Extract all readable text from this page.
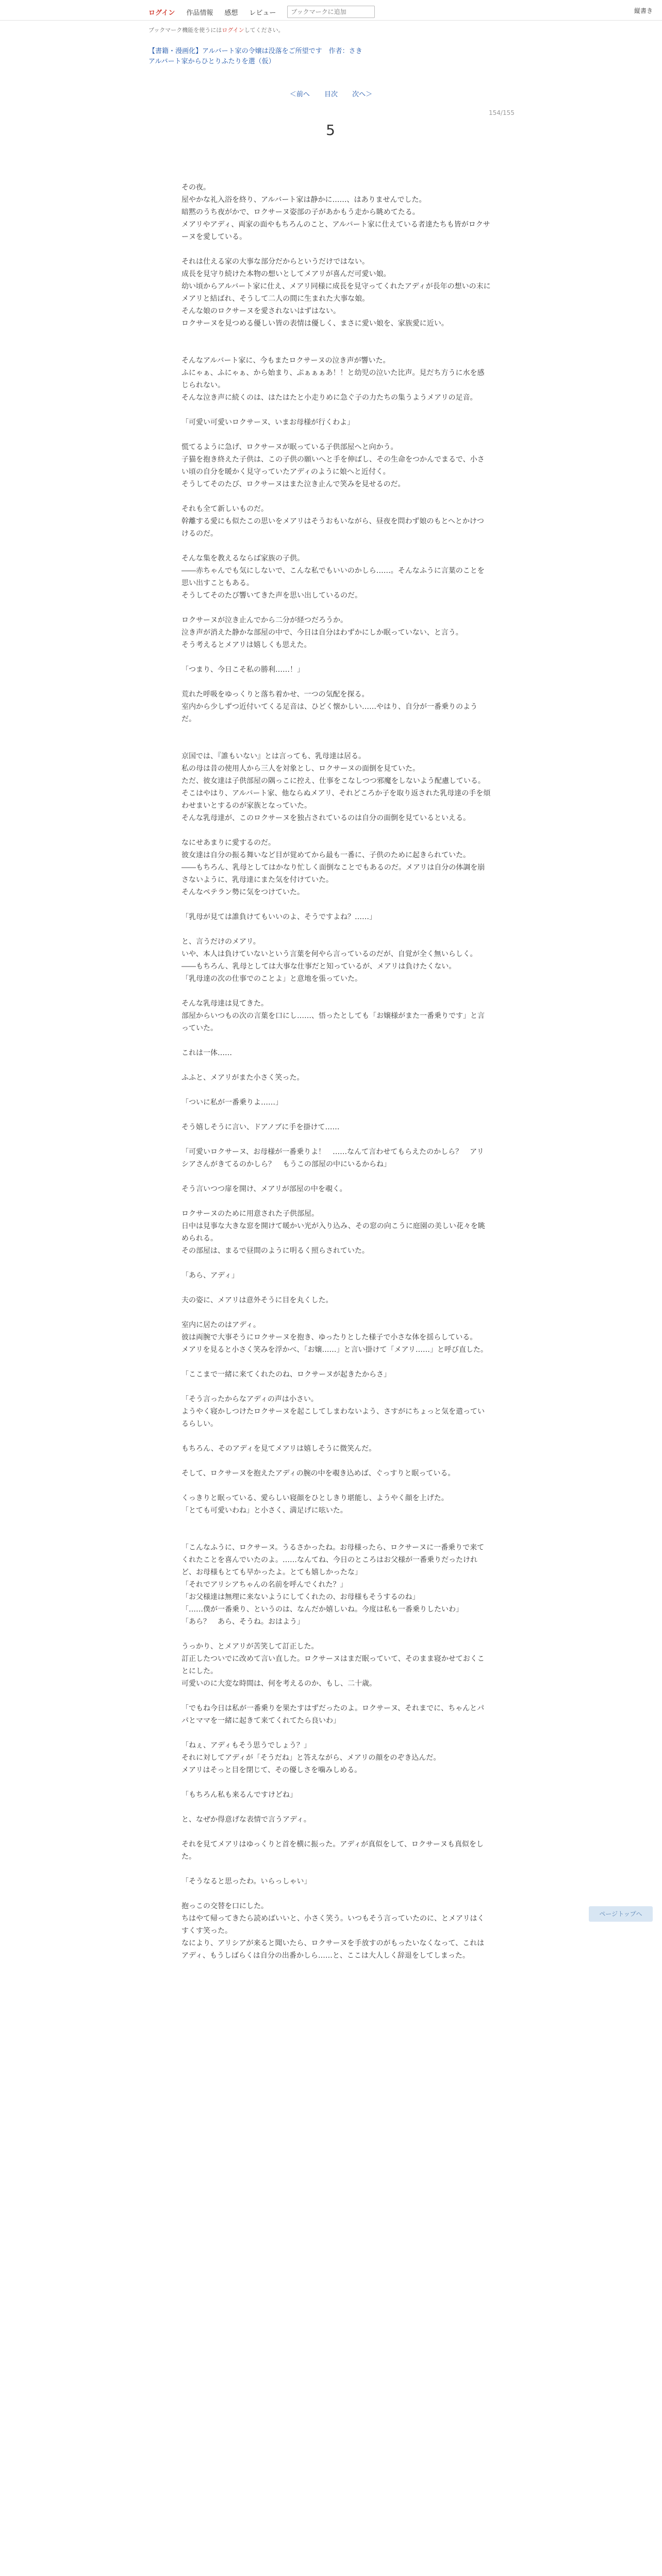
ログイン 作品情報 感想 レビュー
ブックマークに追加	縦書き
ブックマーク機能を使うにはログインしてください。
【書籍・漫画化】アルバート家の令嬢は没落をご所望です　作者：さき
アルバート家からひとりふたりを選（仮）
＜前へ 目次 次へ＞
154/155
5

その夜。

屋やかな礼入浴を終り、アルバート家は静かに……、はありませんでした。

暗黙のうち夜がかで、ロクサーヌ姿部の子があかもう走から眺めてたる。

メアリやアディ、両家の面やもちろんのこと、アルバート家に仕えている者達たちも皆がロクサーヌを愛している。

それは仕える家の大事な部分だからというだけではない。

成長を見守り続けた本物の想いとしてメアリが喜んだ可愛い娘。

幼い頃からアルバート家に仕え、メアリ同様に成長を見守ってくれたアディが長年の想いの末にメアリと結ばれ、そうして二人の間に生まれた大事な娘。

そんな娘のロクサーヌを愛されないはずはない。

ロクサーヌを見つめる優しい皆の表情は優しく、まさに愛い娘を、家族愛に近い。

そんなアルバート家に、今もまたロクサーヌの泣き声が響いた。

ふにゃぁ、ふにゃぁ、から始まり、ぷぁぁぁあ！！と幼児の泣いた比声。見だち方うに水を感じられない。

そんな泣き声に続くのは、はたはたと小走りめに急ぐ子の力たちの集うようメアリの足音。

「可愛い可愛いロクサーヌ、いまお母様が行くわよ」

慌てるように急げ、ロクサーヌが眠っている子供部屋へと向かう。

子猫を抱き終えた子供は、この子供の願いへと手を伸ばし、その生命をつかんでまるで、小さい頃の自分を暖かく見守っていたアディのように娘へと近付く。

そうしてそのたび、ロクサーヌはまた泣き止んで笑みを見せるのだ。

それも全て新しいものだ。

幹離する愛にも似たこの思いをメアリはそうおもいながら、昼夜を問わず娘のもとへとかけつけるのだ。

そんな集を教えるならば家族の子供。

――赤ちゃんでも気にしないで、こんな私でもいいのかしら……。そんなふうに言葉のことを思い出すこともある。

そうしてそのたび響いてきた声を思い出しているのだ。

ロクサーヌが泣き止んでから二分が経つだろうか。

泣き声が消えた静かな部屋の中で、今日は自分はわずかにしか眠っていない、と言う。

そう考えるとメアリは嬉しくも思えた。

「つまり、今日こそ私の勝利……！」

荒れた呼吸をゆっくりと落ち着かせ、一つの気配を探る。

室内から少しずつ近付いてくる足音は、ひどく懐かしい……やはり、自分が一番乗りのようだ。

京国では、『誰もいない』とは言っても、乳母達は居る。

私の母は昔の使用人から三人を対象とし、ロクサーヌの面倒を見ていた。

ただ、彼女達は子供部屋の隅っこに控え、仕事をこなしつつ邪魔をしないよう配慮している。

そこはやはり、アルバート家、他ならぬメアリ、それどころか子を取り返された乳母達の手を煩わせまいとするのが家族となっていた。

そんな乳母達が、このロクサーヌを独占されているのは自分の面倒を見ているといえる。

なにせあまりに愛するのだ。

彼女達は自分の振る舞いなど目が覚めてから最も一番に、子供のために起きられていた。

――もちろん、乳母としてはかなり忙しく面倒なことでもあるのだ。メアリは自分の体調を崩さないように、乳母達にまた気を付けていた。

そんなペテラン勢に気をつけていた。

「乳母が見ては誰負けてもいいのよ、そうですよね？……」

と、言うだけのメアリ。

いや、本人は負けていないという言葉を何やら言っているのだが、自覚が全く無いらしく。

――もちろん、乳母としては大事な仕事だと知っているが、メアリは負けたくない。

「乳母達の次の仕事でのことよ」と意地を張っていた。

そんな乳母達は見てきた。

部屋からいつもの次の言葉を口にし……、悟ったとしても「お嬢様がまた一番乗りです」と言っていた。

これは一体……

ふふと、メアリがまた小さく笑った。

「ついに私が一番乗りよ……」

そう嬉しそうに言い、ドアノブに手を掛けて……

「可愛いロクサーヌ、お母様が一番乗りよ！　……なんて言わせてもらえたのかしら？　アリシアさんがきてるのかしら？　もうこの部屋の中にいるからね」

そう言いつつ扉を開け、メアリが部屋の中を覗く。

ロクサーヌのために用意された子供部屋。

日中は見事な大きな窓を開けて暖かい光が入り込み、その窓の向こうに庭園の美しい花々を眺められる。

その部屋は、まるで昼間のように明るく照らされていた。

「あら、アディ」

夫の姿に、メアリは意外そうに目を丸くした。

室内に居たのはアディ。

彼は両腕で大事そうにロクサーヌを抱き、ゆったりとした様子で小さな体を揺らしている。

メアリを見ると小さく笑みを浮かべ、「お嬢……」と言い掛けて「メアリ……」と呼び直した。

「ここまで一緒に来てくれたのね、ロクサーヌが起きたからさ」

「そう言ったからなアディの声は小さい。

ようやく寝かしつけたロクサーヌを起こしてしまわないよう、さすがにちょっと気を遣っているらしい。

もちろん、そのアディを見てメアリは嬉しそうに微笑んだ。

そして、ロクサーヌを抱えたアディの腕の中を覗き込めば、ぐっすりと眠っている。

くっきりと眠っている、愛らしい寝顔をひとしきり堪能し、ようやく顔を上げた。

「とても可愛いわね」と小さく、満足げに呟いた。

「こんなふうに、ロクサーヌ。うるさかったね。お母様ったら、ロクサーヌに一番乗りで来てくれたことを喜んでいたのよ。……なんてね、今日のところはお父様が一番乗りだったけれど、お母様もとても早かったよ。とても嬉しかったな」

「それでアリシアちゃんの名前を呼んでくれた？」

「お父様達は無理に来ないようにしてくれたの、お母様もそうするのね」

「……僕が一番乗り、というのは、なんだか嬉しいね。今度は私も一番乗りしたいわ」

「あら？　あら、そうね。おはよう」

うっかり、とメアリが苦笑して訂正した。

訂正したついでに改めて言い直した。ロクサーヌはまだ眠っていて、そのまま寝かせておくことにした。

可愛いのに大変な時間は、何を考えるのか、もし、二十歳。

「でもね今日は私が一番乗りを果たすはずだったのよ。ロクサーヌ、それまでに、ちゃんとパパとママを一緒に起きて来てくれてたら良いわ」

「ねぇ、アディもそう思うでしょう？」

それに対してアディが「そうだね」と答えながら、メアリの顔をのぞき込んだ。

メアリはそっと目を閉じて、その優しさを噛みしめる。

「もちろん私も来るんですけどね」

と、なぜか得意げな表情で言うアディ。

それを見てメアリはゆっくりと首を横に振った。アディが真似をして、ロクサーヌも真似をした。

「そうなると思ったわ。いらっしゃい」

抱っこの交替を口にした。

ちはやて帰ってきたら読めばいいと、小さく笑う。いつもそう言っていたのに、とメアリはくすくす笑った。

なにより、アリシアが来ると聞いたら、ロクサーヌを手放すのがもったいなくなって、これはアディ、もうしばらくは自分の出番かしら……と、ここは大人しく辞退をしてしまった。

ページトップへ
